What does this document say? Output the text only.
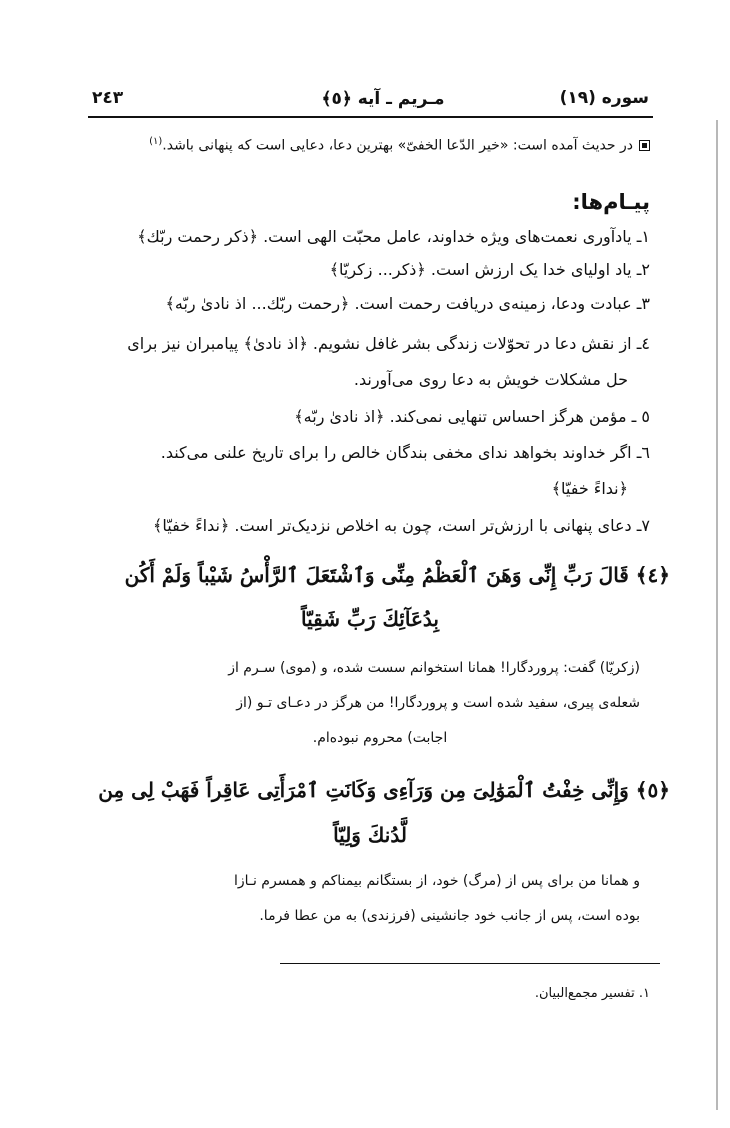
٢٤٣	مـريم ـ آيه ﴿٥﴾	سوره (١٩)
در حديث آمده است: «خير الدّعا الخفىّ» بهترين دعا، دعايى است كه پنهانى باشد.$^{(١)}$
پيـام‌ها:
١ـ يادآورى نعمت‌هاى ويژه خداوند، عامل محبّت الهى است. ﴿ذكر رحمت ربّك﴾
٢ـ ياد اولياى خدا يک ارزش است. ﴿ذكر... زكريّا﴾
٣ـ عبادت ودعا، زمينه‌ى دريافت رحمت است. ﴿رحمت ربّك... اذ نادىٰ ربّه﴾
٤ـ از نقش دعا در تحوّلات زندگى بشر غافل نشويم. ﴿اذ نادىٰ﴾ پيامبران نيز براى
حل مشكلات خويش به دعا روى مى‌آورند.
٥ ـ مؤمن هرگز احساس تنهايى نمى‌كند. ﴿اذ نادىٰ ربّه﴾
٦ـ اگر خداوند بخواهد نداى مخفى بندگان خالص را براى تاريخ علنى مى‌كند.
﴿نداءً خفيّا﴾
٧ـ دعاى پنهانى با ارزش‌تر است، چون به اخلاص نزديک‌تر است. ﴿نداءً خفيّا﴾
﴿٤﴾ قَالَ رَبِّ إِنِّى وَهَنَ ٱلْعَظْمُ مِنِّى وَٱشْتَعَلَ ٱلرَّأْسُ شَيْباً وَلَمْ أَكُن
بِدُعَآئِكَ رَبِّ شَقِيّاً
(زكريّا) گفت: پروردگارا! همانا استخوانم سست شده، و (موى) سـرم از
شعله‌ى پيرى، سفيد شده است و پروردگارا! من هرگز در دعـاى تـو (از
اجابت) محروم نبوده‌ام.
﴿٥﴾ وَإِنِّى خِفْتُ ٱلْمَوَٰلِىَ مِن وَرَآءِى وَكَانَتِ ٱمْرَأَتِى عَاقِراً فَهَبْ لِى مِن
لَّدُنكَ وَلِيّاً
و همانا من براى پس از (مرگ) خود، از بستگانم بيمناكم و همسرم نـازا
بوده است، پس از جانب خود جانشينى (فرزندى) به من عطا فرما.
١. تفسير مجمع‌البيان.
